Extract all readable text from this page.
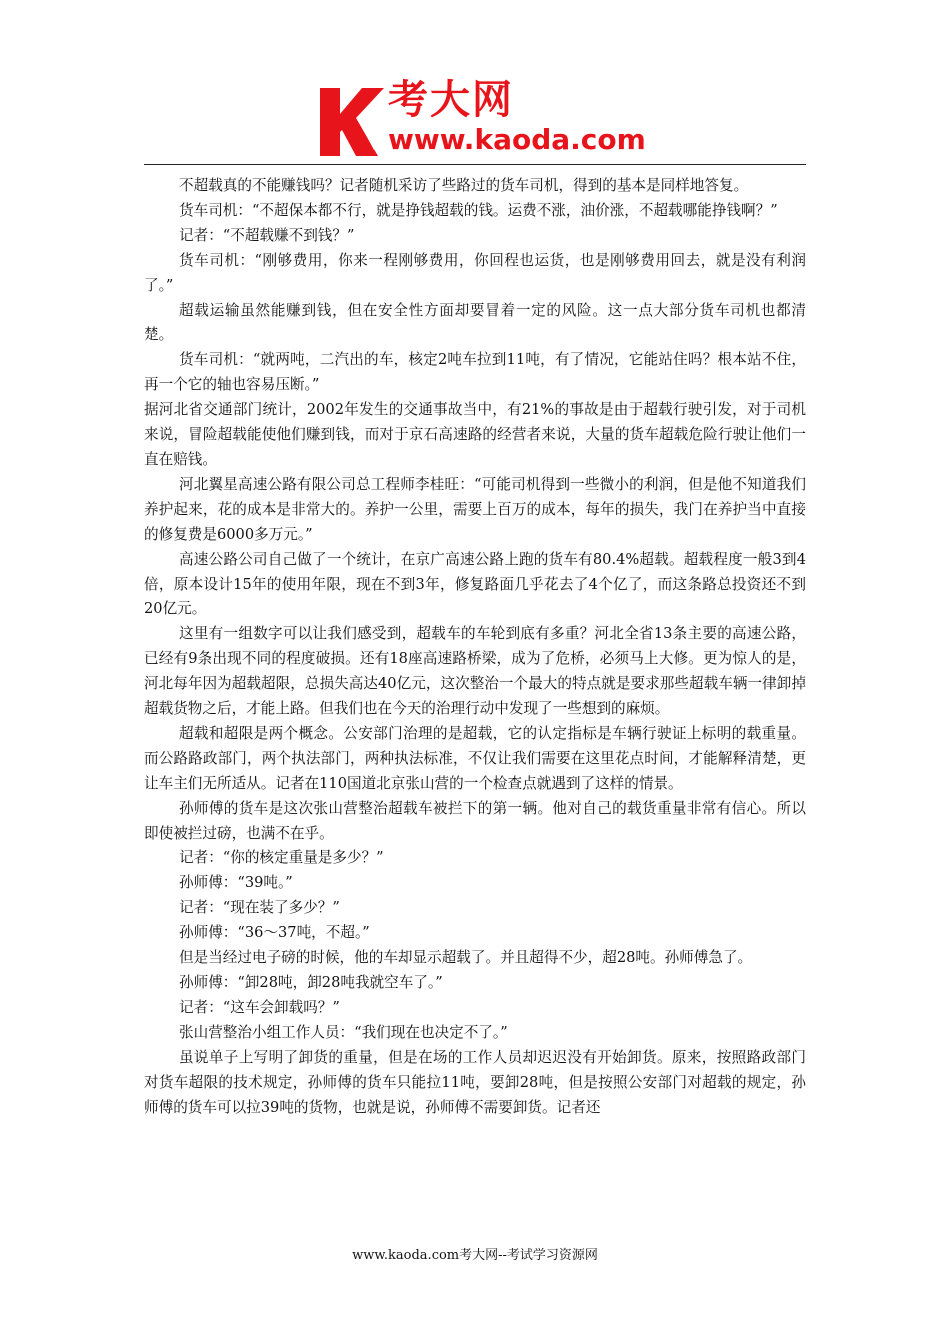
考大网
www.kaoda.com

不超载真的不能赚钱吗？记者随机采访了些路过的货车司机，得到的基本是同样地答复。

货车司机：“不超保本都不行，就是挣钱超载的钱。运费不涨，油价涨，不超载哪能挣钱啊？”

记者：“不超载赚不到钱？”

货车司机：“刚够费用，你来一程刚够费用，你回程也运货，也是刚够费用回去，就是没有利润了。”

超载运输虽然能赚到钱，但在安全性方面却要冒着一定的风险。这一点大部分货车司机也都清楚。

货车司机：“就两吨，二汽出的车，核定2吨车拉到11吨，有了情况，它能站住吗？根本站不住，再一个它的轴也容易压断。”

据河北省交通部门统计，2002年发生的交通事故当中，有21%的事故是由于超载行驶引发，对于司机来说，冒险超载能使他们赚到钱，而对于京石高速路的经营者来说，大量的货车超载危险行驶让他们一直在赔钱。

河北翼星高速公路有限公司总工程师李桂旺：“可能司机得到一些微小的利润，但是他不知道我们养护起来，花的成本是非常大的。养护一公里，需要上百万的成本，每年的损失，我门在养护当中直接的修复费是6000多万元。”

高速公路公司自己做了一个统计，在京广高速公路上跑的货车有80.4%超载。超载程度一般3到4倍，原本设计15年的使用年限，现在不到3年，修复路面几乎花去了4个亿了，而这条路总投资还不到20亿元。

这里有一组数字可以让我们感受到，超载车的车轮到底有多重？河北全省13条主要的高速公路，已经有9条出现不同的程度破损。还有18座高速路桥梁，成为了危桥，必须马上大修。更为惊人的是，河北每年因为超载超限，总损失高达40亿元，这次整治一个最大的特点就是要求那些超载车辆一律卸掉超载货物之后，才能上路。但我们也在今天的治理行动中发现了一些想到的麻烦。

超载和超限是两个概念。公安部门治理的是超载，它的认定指标是车辆行驶证上标明的载重量。而公路路政部门，两个执法部门，两种执法标准，不仅让我们需要在这里花点时间，才能解释清楚，更让车主们无所适从。记者在110国道北京张山营的一个检查点就遇到了这样的情景。

孙师傅的货车是这次张山营整治超载车被拦下的第一辆。他对自己的载货重量非常有信心。所以即使被拦过磅，也满不在乎。

记者：“你的核定重量是多少？”

孙师傅：“39吨。”

记者：“现在装了多少？”

孙师傅：“36～37吨，不超。”

但是当经过电子磅的时候，他的车却显示超载了。并且超得不少，超28吨。孙师傅急了。

孙师傅：“卸28吨，卸28吨我就空车了。”

记者：“这车会卸载吗？”

张山营整治小组工作人员：“我们现在也决定不了。”

虽说单子上写明了卸货的重量，但是在场的工作人员却迟迟没有开始卸货。原来，按照路政部门对货车超限的技术规定，孙师傅的货车只能拉11吨，要卸28吨，但是按照公安部门对超载的规定，孙师傅的货车可以拉39吨的货物，也就是说，孙师傅不需要卸货。记者还

www.kaoda.com考大网--考试学习资源网
